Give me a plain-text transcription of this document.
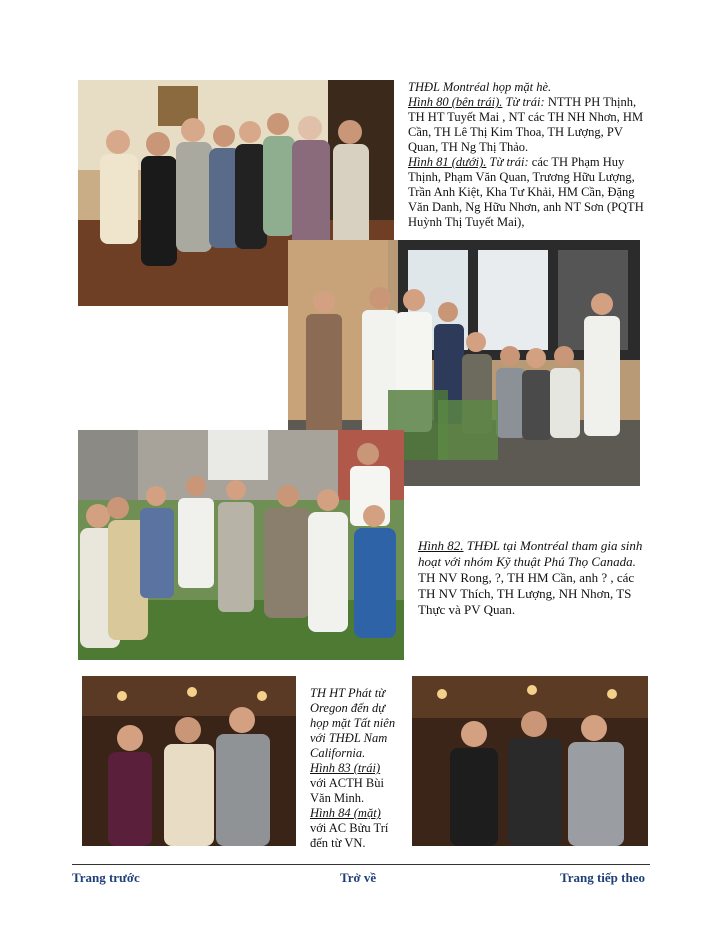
THĐL Montréal họp mặt hè.

Hình 80 (bên trái). Từ trái: NTTH PH Thịnh, TH HT Tuyết Mai , NT các TH NH Nhơn, HM Cần, TH Lê Thị Kim Thoa, TH Lượng, PV Quan, TH Ng Thị Thảo.

Hình 81 (dưới). Từ trái: các TH Phạm Huy Thịnh, Phạm Văn Quan, Trương Hữu Lượng, Trần Anh Kiệt, Kha Tư Khải, HM Cần, Đặng Văn Danh, Ng Hữu Nhơn, anh NT Sơn (PQTH Huỳnh Thị Tuyết Mai),

Hình 82. THĐL tại Montréal tham gia sinh hoạt với nhóm Kỹ thuật Phú Thọ Canada. TH NV Rong, ?, TH HM Cần, anh ? , các TH NV Thích, TH Lượng, NH Nhơn, TS Thực và PV Quan.

TH HT Phát từ Oregon đến dự họp mặt Tất niên với THĐL Nam California.

Hình 83 (trái)

với ACTH Bùi Văn Minh.

Hình 84 (mặt)

với AC Bửu Trí đến từ VN.

Trang trước	Trở về	Trang tiếp theo
